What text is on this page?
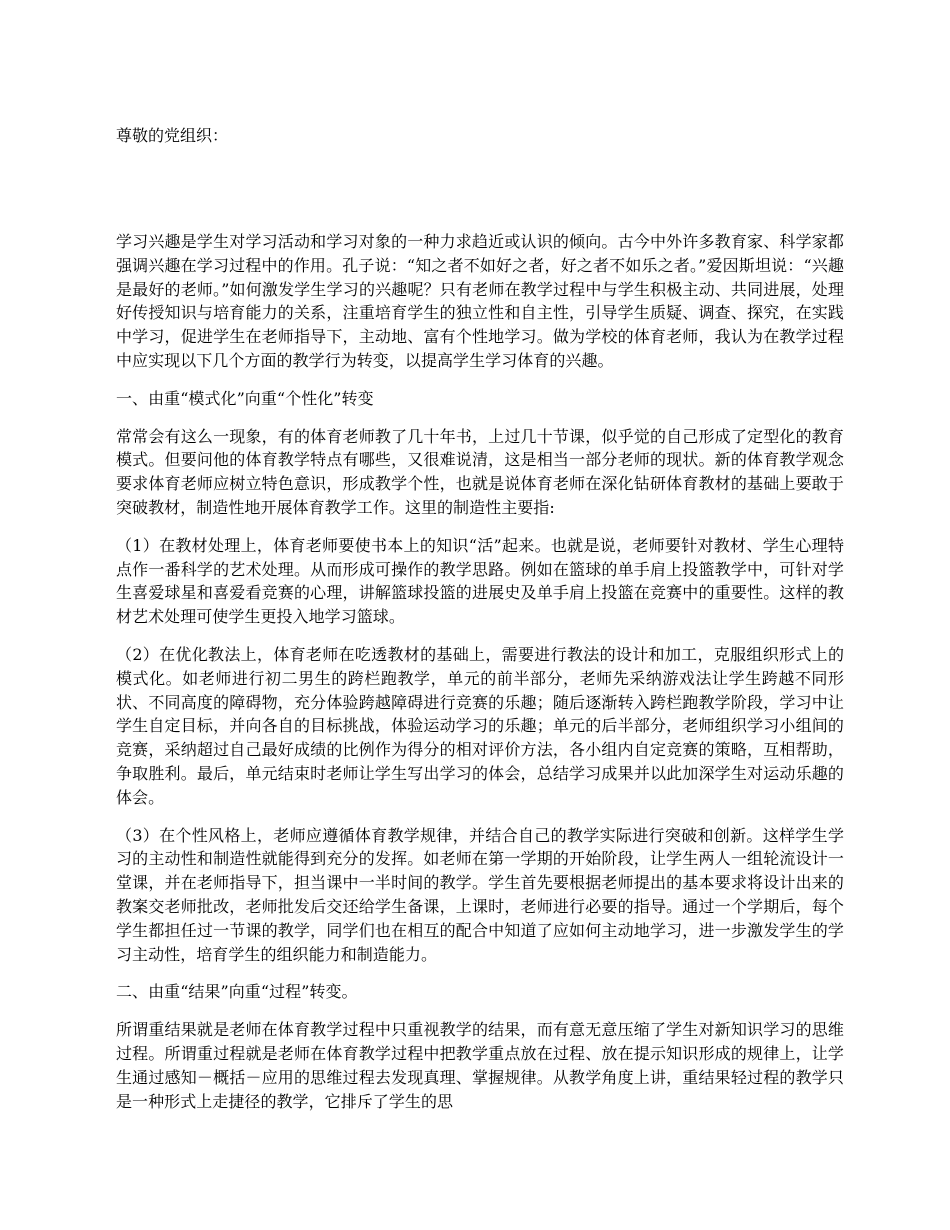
尊敬的党组织：

学习兴趣是学生对学习活动和学习对象的一种力求趋近或认识的倾向。古今中外许多教育家、科学家都强调兴趣在学习过程中的作用。孔子说：“知之者不如好之者，好之者不如乐之者。”爱因斯坦说：“兴趣是最好的老师。”如何激发学生学习的兴趣呢？只有老师在教学过程中与学生积极主动、共同进展，处理好传授知识与培育能力的关系，注重培育学生的独立性和自主性，引导学生质疑、调查、探究，在实践中学习，促进学生在老师指导下，主动地、富有个性地学习。做为学校的体育老师，我认为在教学过程中应实现以下几个方面的教学行为转变，以提高学生学习体育的兴趣。

一、由重“模式化”向重“个性化”转变

常常会有这么一现象，有的体育老师教了几十年书，上过几十节课，似乎觉的自己形成了定型化的教育模式。但要问他的体育教学特点有哪些，又很难说清，这是相当一部分老师的现状。新的体育教学观念要求体育老师应树立特色意识，形成教学个性，也就是说体育老师在深化钻研体育教材的基础上要敢于突破教材，制造性地开展体育教学工作。这里的制造性主要指:

（1）在教材处理上，体育老师要使书本上的知识“活”起来。也就是说，老师要针对教材、学生心理特点作一番科学的艺术处理。从而形成可操作的教学思路。例如在篮球的单手肩上投篮教学中，可针对学生喜爱球星和喜爱看竞赛的心理，讲解篮球投篮的进展史及单手肩上投篮在竞赛中的重要性。这样的教材艺术处理可使学生更投入地学习篮球。

（2）在优化教法上，体育老师在吃透教材的基础上，需要进行教法的设计和加工，克服组织形式上的模式化。如老师进行初二男生的跨栏跑教学，单元的前半部分，老师先采纳游戏法让学生跨越不同形状、不同高度的障碍物，充分体验跨越障碍进行竞赛的乐趣；随后逐渐转入跨栏跑教学阶段，学习中让学生自定目标，并向各自的目标挑战，体验运动学习的乐趣；单元的后半部分，老师组织学习小组间的竞赛，采纳超过自己最好成绩的比例作为得分的相对评价方法，各小组内自定竞赛的策略，互相帮助，争取胜利。最后，单元结束时老师让学生写出学习的体会，总结学习成果并以此加深学生对运动乐趣的体会。

（3）在个性风格上，老师应遵循体育教学规律，并结合自己的教学实际进行突破和创新。这样学生学习的主动性和制造性就能得到充分的发挥。如老师在第一学期的开始阶段，让学生两人一组轮流设计一堂课，并在老师指导下，担当课中一半时间的教学。学生首先要根据老师提出的基本要求将设计出来的教案交老师批改，老师批发后交还给学生备课，上课时，老师进行必要的指导。通过一个学期后，每个学生都担任过一节课的教学，同学们也在相互的配合中知道了应如何主动地学习，进一步激发学生的学习主动性，培育学生的组织能力和制造能力。

二、由重“结果”向重“过程”转变。

所谓重结果就是老师在体育教学过程中只重视教学的结果，而有意无意压缩了学生对新知识学习的思维过程。所谓重过程就是老师在体育教学过程中把教学重点放在过程、放在提示知识形成的规律上，让学生通过感知－概括－应用的思维过程去发现真理、掌握规律。从教学角度上讲，重结果轻过程的教学只是一种形式上走捷径的教学，它排斥了学生的思
